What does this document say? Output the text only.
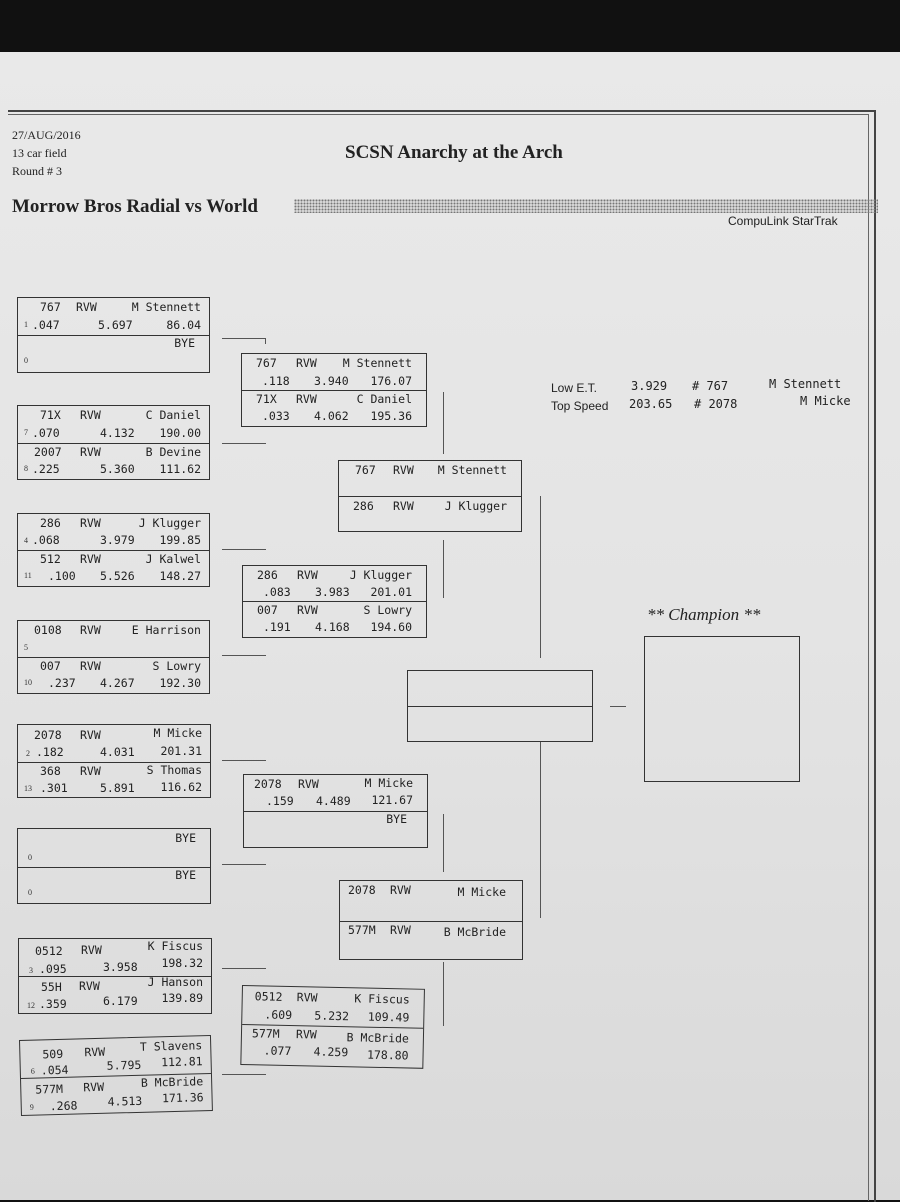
27/AUG/2016
13 car field
Round # 3
SCSN Anarchy at the Arch
Morrow Bros Radial vs World
CompuLink StarTrak
Low E.T.	3.929 # 767	M Stennett
Top Speed 203.65 # 2078	M Micke
767 RVW	M Stennett
1 .047	5.697	86.04
BYE
0
71X RVW	C Daniel
7 .070	4.132 190.00
2007 RVW	B Devine
8 .225	5.360 111.62
286 RVW	J Klugger
4 .068	3.979 199.85
512 RVW	J Kalwel
11 .100 5.526 148.27
0108 RVW	E Harrison
5
007 RVW	S Lowry
10 .237 4.267 192.30
2078 RVW	M Micke
2 .182	4.031 201.31
368 RVW	S Thomas
13 .301	5.891 116.62
BYE
0
BYE
0
0512 RVW	K Fiscus
3 .095	3.958 198.32
55H RVW	J Hanson
12 .359	6.179 139.89
509 RVW	T Slavens
6 .054	5.795 112.81
577M RVW	B McBride
9 .268	4.513 171.36
767 RVW M Stennett
.118 3.940 176.07
71X RVW	C Daniel
.033 4.062 195.36
286 RVW	J Klugger
.083 3.983 201.01
007 RVW	S Lowry
.191 4.168 194.60
2078 RVW	M Micke
.159 4.489 121.67
BYE
0512 RVW	K Fiscus
.609 5.232 109.49
577M RVW	B McBride
.077 4.259 178.80
767 RVW M Stennett
286 RVW	J Klugger
2078 RVW	M Micke
577M RVW	B McBride
** Champion **
